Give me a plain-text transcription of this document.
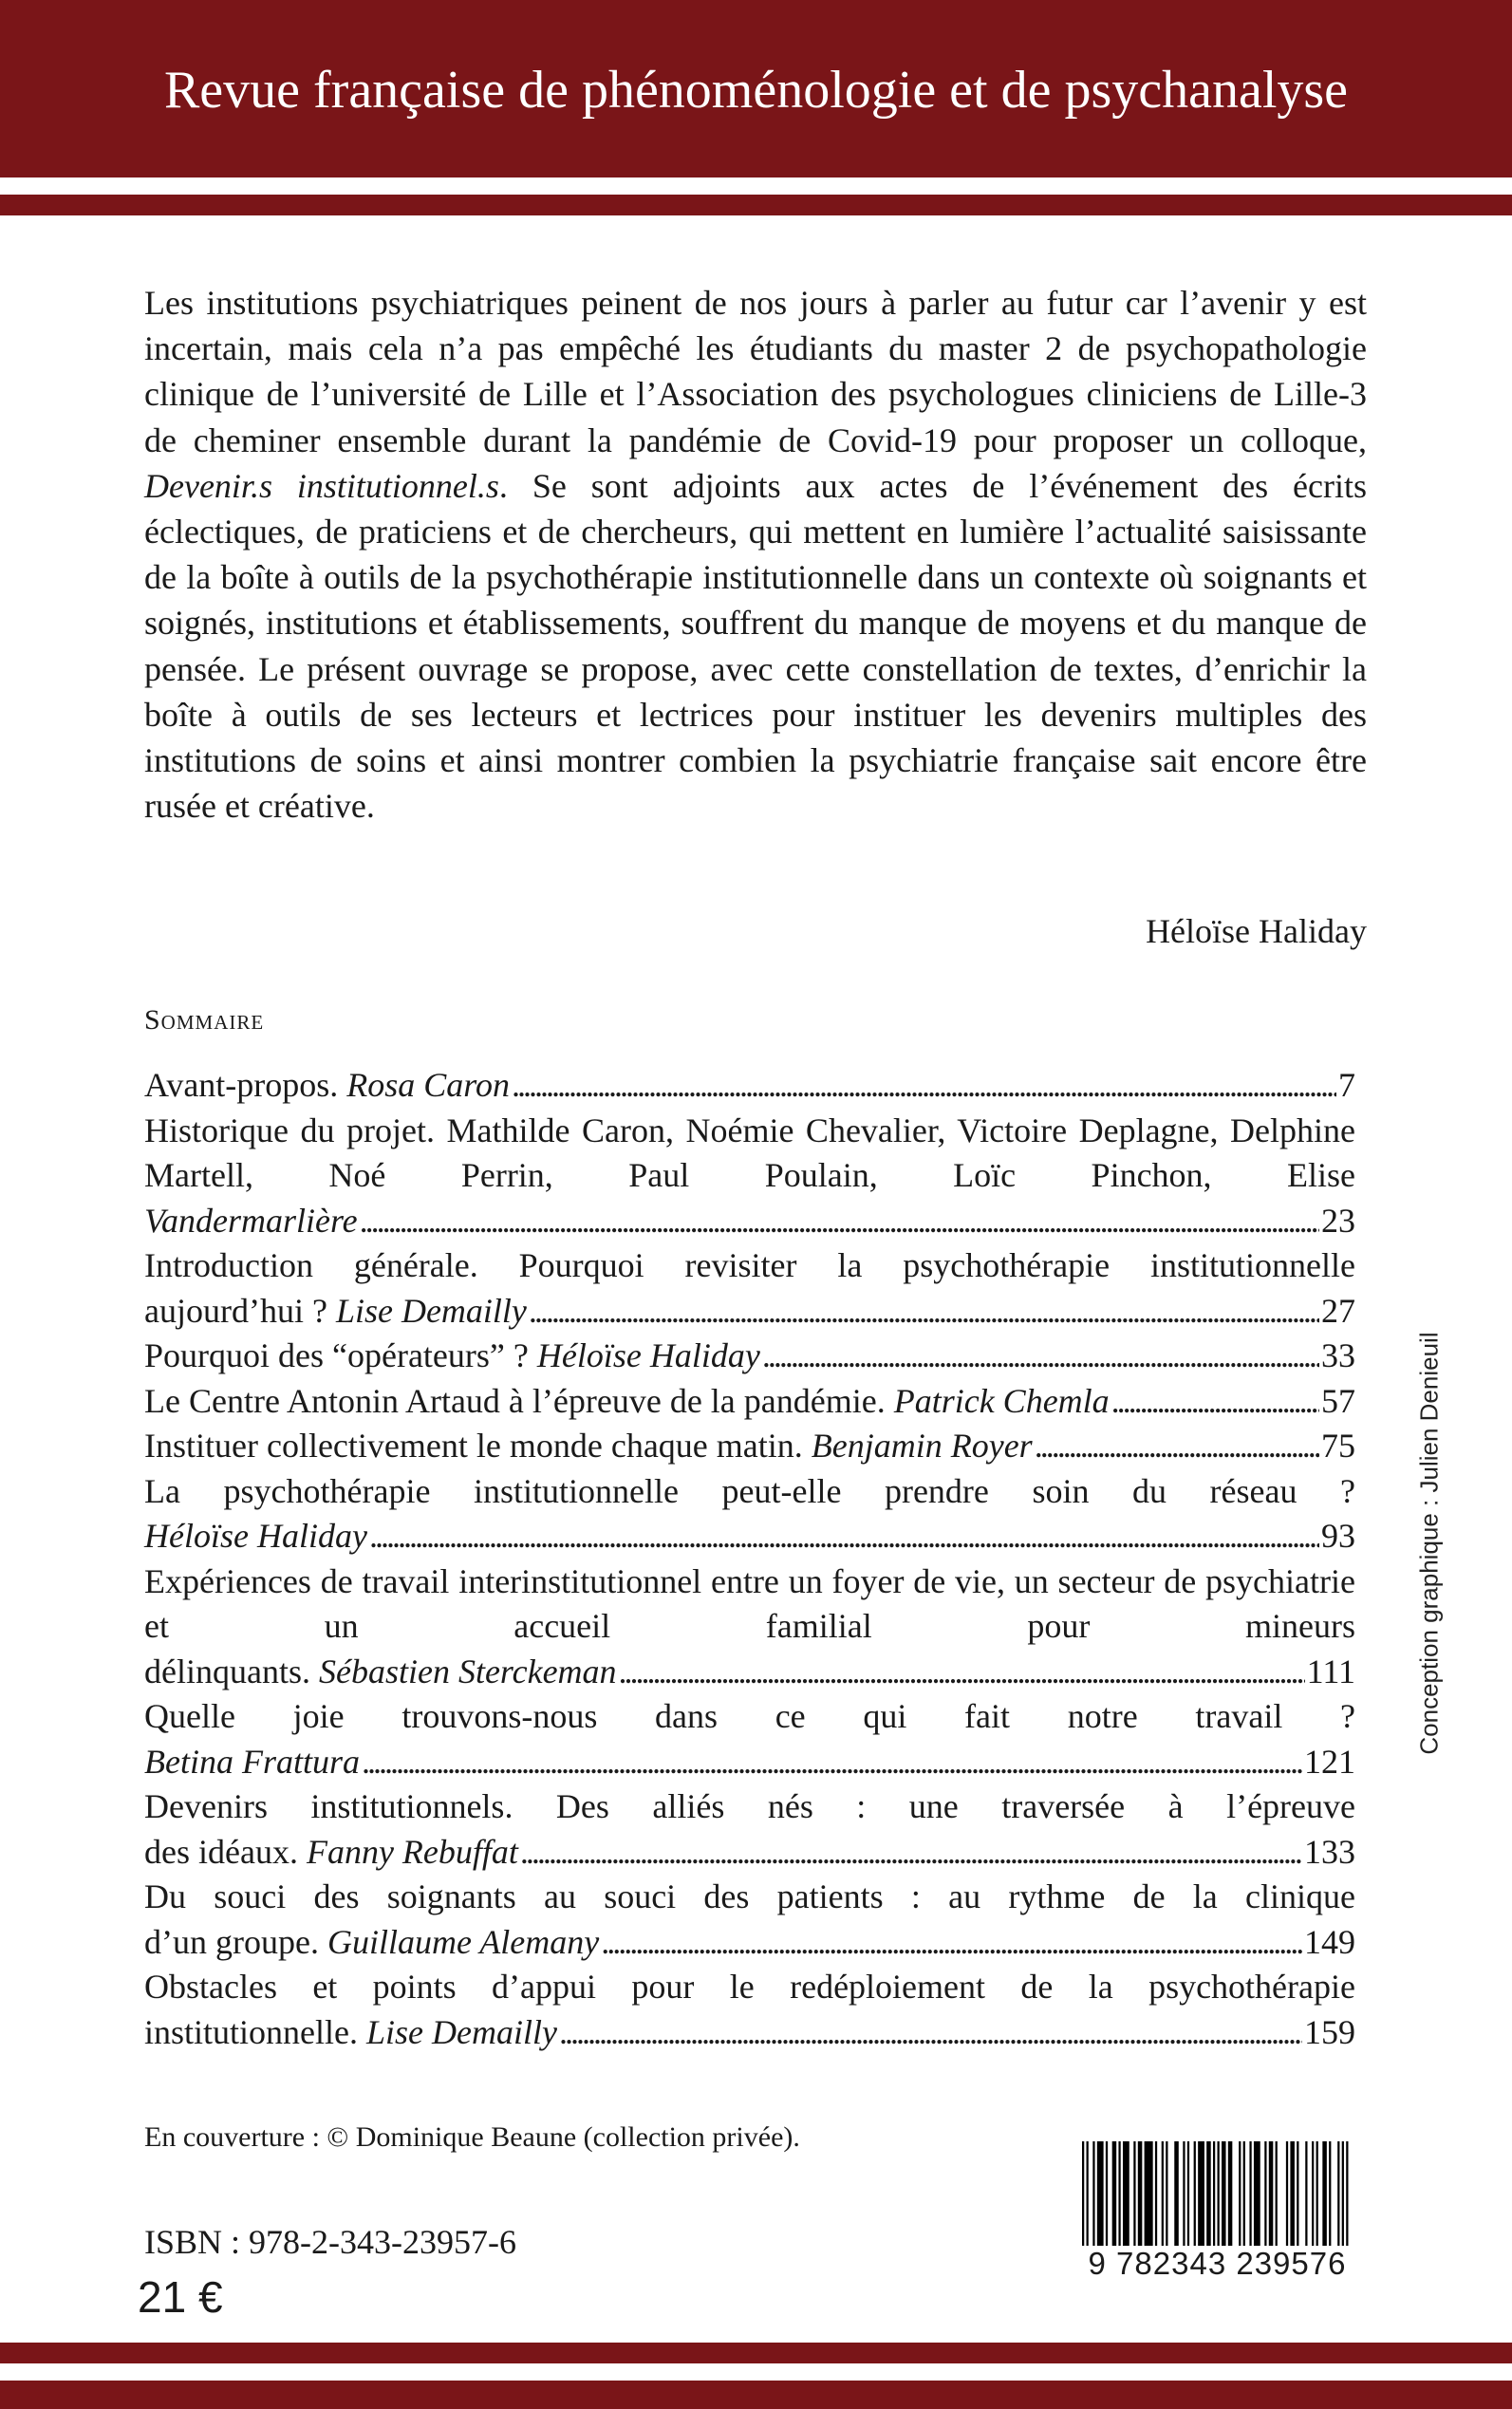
Revue française de phénoménologie et de psychanalyse

Les institutions psychiatriques peinent de nos jours à parler au futur car l’avenir y est incertain, mais cela n’a pas empêché les étudiants du master 2 de psychopathologie clinique de l’université de Lille et l’Association des psychologues cliniciens de Lille-3 de cheminer ensemble durant la pandémie de Covid-19 pour proposer un colloque, Devenir.s institutionnel.s. Se sont adjoints aux actes de l’événement des écrits éclectiques, de praticiens et de chercheurs, qui mettent en lumière l’actualité saisissante de la boîte à outils de la psychothérapie institutionnelle dans un contexte où soignants et soignés, institutions et établissements, souffrent du manque de moyens et du manque de pensée. Le présent ouvrage se propose, avec cette constellation de textes, d’enrichir la boîte à outils de ses lecteurs et lectrices pour instituer les devenirs multiples des institutions de soins et ainsi montrer combien la psychiatrie française sait encore être rusée et créative.

Héloïse Haliday
Sommaire
Avant-propos. Rosa Caron . . .	7
Historique du projet. Mathilde Caron, Noémie Chevalier, Victoire Deplagne, Delphine Martell, Noé Perrin, Paul Poulain, Loïc Pinchon, Elise
Vandermarlière . . .	23
Introduction générale. Pourquoi revisiter la psychothérapie institutionnelle
aujourd’hui ? Lise Demailly . . .	27
Pourquoi des “opérateurs” ? Héloïse Haliday . . .	33
Le Centre Antonin Artaud à l’épreuve de la pandémie. Patrick Chemla . . .	57
Instituer collectivement le monde chaque matin. Benjamin Royer . . .	75
La psychothérapie institutionnelle peut-elle prendre soin du réseau ?
Héloïse Haliday . . .	93
Expériences de travail interinstitutionnel entre un foyer de vie, un secteur de psychiatrie et un accueil familial pour mineurs
délinquants. Sébastien Sterckeman . . .	111
Quelle joie trouvons-nous dans ce qui fait notre travail ?
Betina Frattura . . .	121
Devenirs institutionnels. Des alliés nés : une traversée à l’épreuve
des idéaux. Fanny Rebuffat . . .	133
Du souci des soignants au souci des patients : au rythme de la clinique
d’un groupe. Guillaume Alemany . . .	149
Obstacles et points d’appui pour le redéploiement de la psychothérapie
institutionnelle. Lise Demailly . . .	159
Conception graphique : Julien Denieuil
En couverture : © Dominique Beaune (collection privée).
ISBN : 978-2-343-23957-6
21 €
9 782343 239576
